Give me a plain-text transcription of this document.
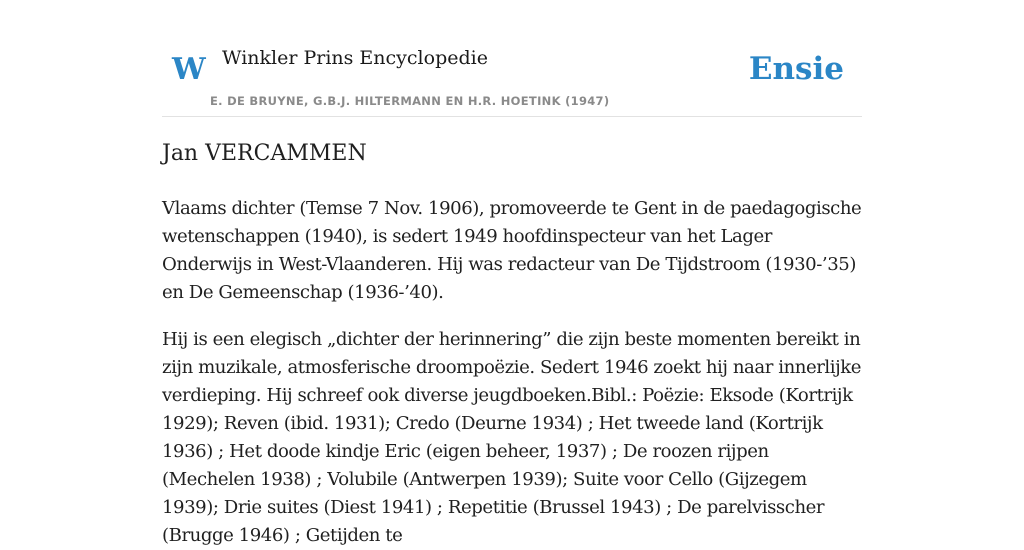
W Winkler Prins Encyclopedie
E. DE BRUYNE, G.B.J. HILTERMANN EN H.R. HOETINK (1947)
Ensie
Jan VERCAMMEN

Vlaams dichter (Temse 7 Nov. 1906), promoveerde te Gent in de paedagogische wetenschappen (1940), is sedert 1949 hoofdinspecteur van het Lager Onderwijs in West-Vlaanderen. Hij was redacteur van De Tijdstroom (1930-’35) en De Gemeenschap (1936-’40).

Hij is een elegisch „dichter der herinnering” die zijn beste momenten bereikt in zijn muzikale, atmosferische droompoëzie. Sedert 1946 zoekt hij naar innerlijke verdieping. Hij schreef ook diverse jeugdboeken.Bibl.: Poëzie: Eksode (Kortrijk 1929); Reven (ibid. 1931); Credo (Deurne 1934) ; Het tweede land (Kortrijk 1936) ; Het doode kindje Eric (eigen beheer, 1937) ; De roozen rijpen (Mechelen 1938) ; Volubile (Antwerpen 1939); Suite voor Cello (Gijzegem 1939); Drie suites (Diest 1941) ; Repetitie (Brussel 1943) ; De parelvisscher (Brugge 1946) ; Getijden te
